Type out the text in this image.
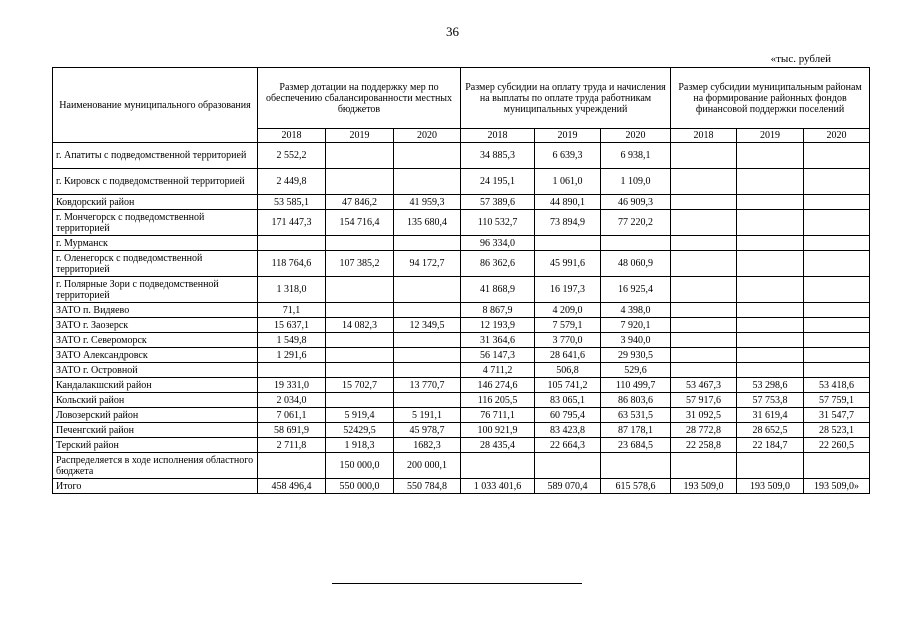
36
«тыс. рублей
Наименование муниципального образования	Размер дотации на поддержку мер по обеспечению сбалансированности местных бюджетов			Размер субсидии на оплату труда и начисления на выплаты по оплате труда работникам муниципальных учреждений			Размер субсидии муниципальным районам на формирование районных фондов финансовой поддержки поселений		
	2018	2019	2020	2018	2019	2020	2018	2019	2020
г. Апатиты с подведомственной территорией	2 552,2			34 885,3	6 639,3	6 938,1			
г. Кировск с подведомственной территорией	2 449,8			24 195,1	1 061,0	1 109,0			
Ковдорский район	53 585,1	47 846,2	41 959,3	57 389,6	44 890,1	46 909,3			
г. Мончегорск с подведомственной территорией	171 447,3	154 716,4	135 680,4	110 532,7	73 894,9	77 220,2			
г. Мурманск				96 334,0					
г. Оленегорск с подведомственной территорией	118 764,6	107 385,2	94 172,7	86 362,6	45 991,6	48 060,9			
г. Полярные Зори с подведомственной территорией	1 318,0			41 868,9	16 197,3	16 925,4			
ЗАТО п. Видяево	71,1			8 867,9	4 209,0	4 398,0			
ЗАТО г. Заозерск	15 637,1	14 082,3	12 349,5	12 193,9	7 579,1	7 920,1			
ЗАТО г. Североморск	1 549,8			31 364,6	3 770,0	3 940,0			
ЗАТО Александровск	1 291,6			56 147,3	28 641,6	29 930,5			
ЗАТО г. Островной				4 711,2	506,8	529,6			
Кандалакшский район	19 331,0	15 702,7	13 770,7	146 274,6	105 741,2	110 499,7	53 467,3	53 298,6	53 418,6
Кольский район	2 034,0			116 205,5	83 065,1	86 803,6	57 917,6	57 753,8	57 759,1
Ловозерский район	7 061,1	5 919,4	5 191,1	76 711,1	60 795,4	63 531,5	31 092,5	31 619,4	31 547,7
Печенгский район	58 691,9	52429,5	45 978,7	100 921,9	83 423,8	87 178,1	28 772,8	28 652,5	28 523,1
Терский район	2 711,8	1 918,3	1682,3	28 435,4	22 664,3	23 684,5	22 258,8	22 184,7	22 260,5
Распределяется в ходе исполнения областного бюджета		150 000,0	200 000,1						
Итого	458 496,4	550 000,0	550 784,8	1 033 401,6	589 070,4	615 578,6	193 509,0	193 509,0	193 509,0»
